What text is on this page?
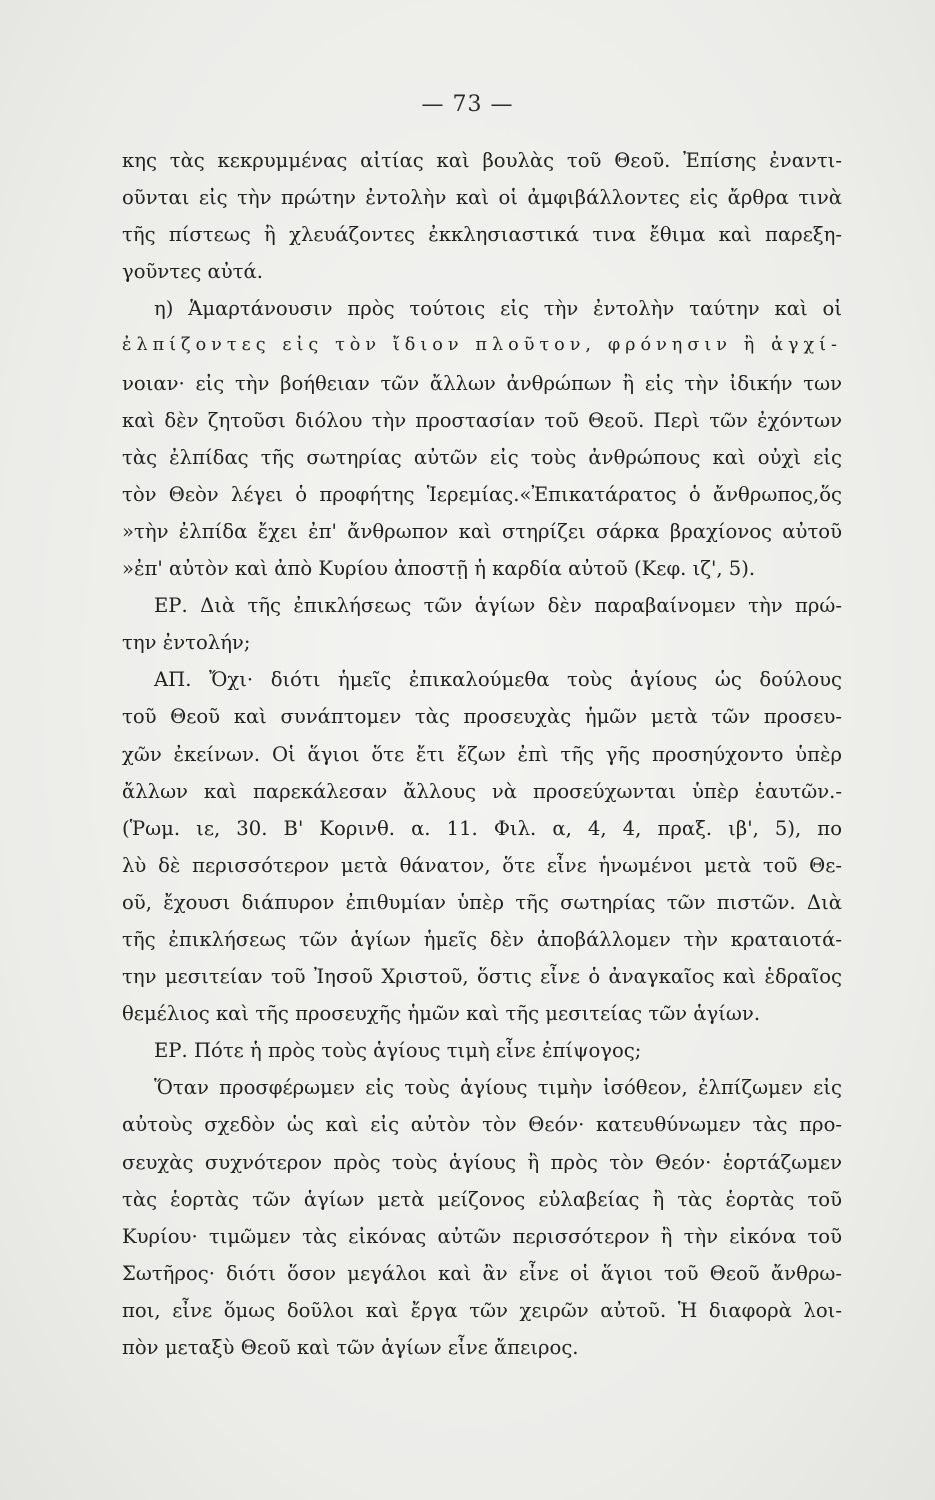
— 73 —
κης τὰς κεκρυμμένας αἰτίας καὶ βουλὰς τοῦ Θεοῦ. Ἐπίσης ἐναντι-
οῦνται εἰς τὴν πρώτην ἐντολὴν καὶ οἱ ἀμφιβάλλοντες εἰς ἄρθρα τινὰ
τῆς πίστεως ἢ χλευάζοντες ἐκκλησιαστικά τινα ἔθιμα καὶ παρεξη-
γοῦντες αὐτά.
η) Ἁμαρτάνουσιν πρὸς τούτοις εἰς τὴν ἐντολὴν ταύτην καὶ οἱ
ἐλπίζοντες εἰς τὸν ἴδιον πλοῦτον, φρόνησιν ἢ ἀγχί-
νοιαν· εἰς τὴν βοήθειαν τῶν ἄλλων ἀνθρώπων ἢ εἰς τὴν ἰδικήν των
καὶ δὲν ζητοῦσι διόλου τὴν προστασίαν τοῦ Θεοῦ. Περὶ τῶν ἐχόντων
τὰς ἐλπίδας τῆς σωτηρίας αὐτῶν εἰς τοὺς ἀνθρώπους καὶ οὐχὶ εἰς
τὸν Θεὸν λέγει ὁ προφήτης Ἱερεμίας.«Ἐπικατάρατος ὁ ἄνθρωπος,ὅς
»τὴν ἐλπίδα ἔχει ἐπ' ἄνθρωπον καὶ στηρίζει σάρκα βραχίονος αὐτοῦ
»ἐπ' αὐτὸν καὶ ἀπὸ Κυρίου ἀποστῇ ἡ καρδία αὐτοῦ (Κεφ. ιζ', 5).
ΕΡ. Διὰ τῆς ἐπικλήσεως τῶν ἁγίων δὲν παραβαίνομεν τὴν πρώ-
την ἐντολήν;
ΑΠ. Ὄχι· διότι ἡμεῖς ἐπικαλούμεθα τοὺς ἁγίους ὡς δούλους
τοῦ Θεοῦ καὶ συνάπτομεν τὰς προσευχὰς ἡμῶν μετὰ τῶν προσευ-
χῶν ἐκείνων. Οἱ ἅγιοι ὅτε ἔτι ἔζων ἐπὶ τῆς γῆς προσηύχοντο ὑπὲρ
ἄλλων καὶ παρεκάλεσαν ἄλλους νὰ προσεύχωνται ὑπὲρ ἑαυτῶν.-
(Ῥωμ. ιε, 30. Β' Κορινθ. α. 11. Φιλ. α, 4, 4, πραξ. ιβ', 5), πο
λὺ δὲ περισσότερον μετὰ θάνατον, ὅτε εἶνε ἡνωμένοι μετὰ τοῦ Θε-
οῦ, ἔχουσι διάπυρον ἐπιθυμίαν ὑπὲρ τῆς σωτηρίας τῶν πιστῶν. Διὰ
τῆς ἐπικλήσεως τῶν ἁγίων ἡμεῖς δὲν ἀποβάλλομεν τὴν κραταιοτά-
την μεσιτείαν τοῦ Ἰησοῦ Χριστοῦ, ὅστις εἶνε ὁ ἀναγκαῖος καὶ ἑδραῖος
θεμέλιος καὶ τῆς προσευχῆς ἡμῶν καὶ τῆς μεσιτείας τῶν ἁγίων.
ΕΡ. Πότε ἡ πρὸς τοὺς ἁγίους τιμὴ εἶνε ἐπίψογος;
Ὅταν προσφέρωμεν εἰς τοὺς ἁγίους τιμὴν ἰσόθεον, ἐλπίζωμεν εἰς
αὐτοὺς σχεδὸν ὡς καὶ εἰς αὐτὸν τὸν Θεόν· κατευθύνωμεν τὰς προ-
σευχὰς συχνότερον πρὸς τοὺς ἁγίους ἢ πρὸς τὸν Θεόν· ἑορτάζωμεν
τὰς ἑορτὰς τῶν ἁγίων μετὰ μείζονος εὐλαβείας ἢ τὰς ἑορτὰς τοῦ
Κυρίου· τιμῶμεν τὰς εἰκόνας αὐτῶν περισσότερον ἢ τὴν εἰκόνα τοῦ
Σωτῆρος· διότι ὅσον μεγάλοι καὶ ἂν εἶνε οἱ ἅγιοι τοῦ Θεοῦ ἄνθρω-
ποι, εἶνε ὅμως δοῦλοι καὶ ἔργα τῶν χειρῶν αὐτοῦ. Ἡ διαφορὰ λοι-
πὸν μεταξὺ Θεοῦ καὶ τῶν ἁγίων εἶνε ἄπειρος.
